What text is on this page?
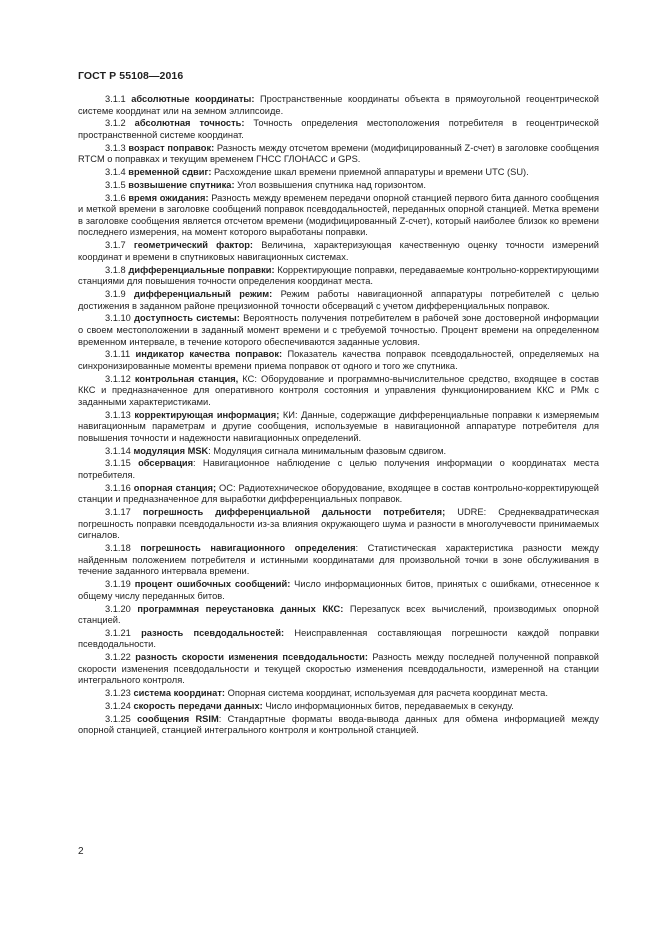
ГОСТ Р 55108—2016

3.1.1 абсолютные координаты: Пространственные координаты объекта в прямоугольной геоцентрической системе координат или на земном эллипсоиде.

3.1.2 абсолютная точность: Точность определения местоположения потребителя в геоцентрической пространственной системе координат.

3.1.3 возраст поправок: Разность между отсчетом времени (модифицированный Z-счет) в заголовке сообщения RTCM о поправках и текущим временем ГНСС ГЛОНАСС и GPS.

3.1.4 временной сдвиг: Расхождение шкал времени приемной аппаратуры и времени UTC (SU).

3.1.5 возвышение спутника: Угол возвышения спутника над горизонтом.

3.1.6 время ожидания: Разность между временем передачи опорной станцией первого бита данного сообщения и меткой времени в заголовке сообщений поправок псевдодальностей, переданных опорной станцией. Метка времени в заголовке сообщения является отсчетом времени (модифицированный Z-счет), который наиболее близок ко времени последнего измерения, на момент которого выработаны поправки.

3.1.7 геометрический фактор: Величина, характеризующая качественную оценку точности измерений координат и времени в спутниковых навигационных системах.

3.1.8 дифференциальные поправки: Корректирующие поправки, передаваемые контрольно-корректирующими станциями для повышения точности определения координат места.

3.1.9 дифференциальный режим: Режим работы навигационной аппаратуры потребителей с целью достижения в заданном районе прецизионной точности обсерваций с учетом дифференциальных поправок.

3.1.10 доступность системы: Вероятность получения потребителем в рабочей зоне достоверной информации о своем местоположении в заданный момент времени и с требуемой точностью. Процент времени на определенном временном интервале, в течение которого обеспечиваются заданные условия.

3.1.11 индикатор качества поправок: Показатель качества поправок псевдодальностей, определяемых на синхронизированные моменты времени приема поправок от одного и того же спутника.

3.1.12 контрольная станция, КС: Оборудование и программно-вычислительное средство, входящее в состав ККС и предназначенное для оперативного контроля состояния и управления функционированием ККС и РМк с заданными характеристиками.

3.1.13 корректирующая информация; КИ: Данные, содержащие дифференциальные поправки к измеряемым навигационным параметрам и другие сообщения, используемые в навигационной аппаратуре потребителя для повышения точности и надежности навигационных определений.

3.1.14 модуляция MSK: Модуляция сигнала минимальным фазовым сдвигом.

3.1.15 обсервация: Навигационное наблюдение с целью получения информации о координатах места потребителя.

3.1.16 опорная станция; ОС: Радиотехническое оборудование, входящее в состав контрольно-корректирующей станции и предназначенное для выработки дифференциальных поправок.

3.1.17 погрешность дифференциальной дальности потребителя; UDRE: Среднеквадратическая погрешность поправки псевдодальности из-за влияния окружающего шума и разности в многолучевости принимаемых сигналов.

3.1.18 погрешность навигационного определения: Статистическая характеристика разности между найденным положением потребителя и истинными координатами для произвольной точки в зоне обслуживания в течение заданного интервала времени.

3.1.19 процент ошибочных сообщений: Число информационных битов, принятых с ошибками, отнесенное к общему числу переданных битов.

3.1.20 программная переустановка данных ККС: Перезапуск всех вычислений, производимых опорной станцией.

3.1.21 разность псевдодальностей: Неисправленная составляющая погрешности каждой поправки псевдодальности.

3.1.22 разность скорости изменения псевдодальности: Разность между последней полученной поправкой скорости изменения псевдодальности и текущей скоростью изменения псевдодальности, измеренной на станции интегрального контроля.

3.1.23 система координат: Опорная система координат, используемая для расчета координат места.

3.1.24 скорость передачи данных: Число информационных битов, передаваемых в секунду.

3.1.25 сообщения RSIM: Стандартные форматы ввода-вывода данных для обмена информацией между опорной станцией, станцией интегрального контроля и контрольной станцией.

2
